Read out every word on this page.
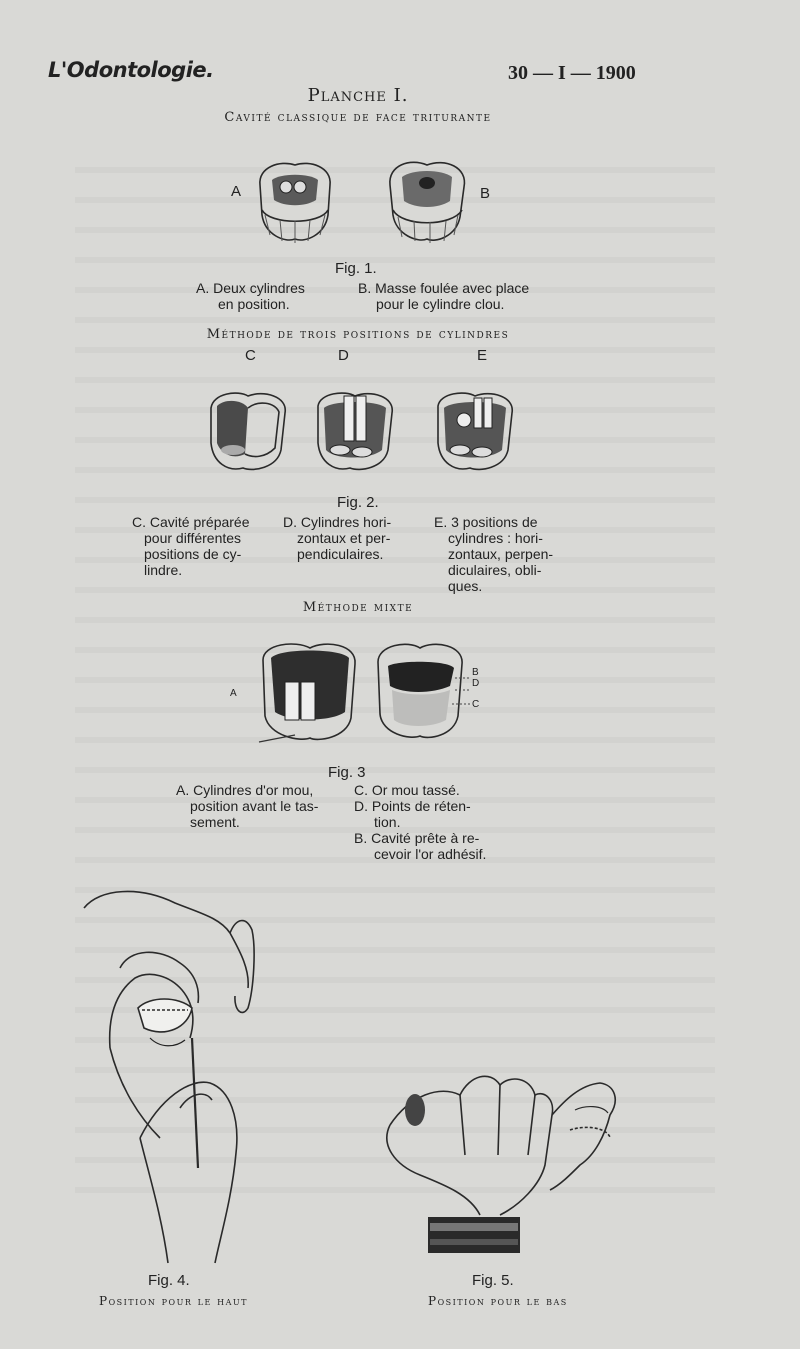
L'Odontologie.	30 — I — 1900
Planche I.
Cavité classique de face triturante
A	B
Fig. 1.
A. Deux cylindres
en position.
B. Masse foulée avec place
pour le cylindre clou.
Méthode de trois positions de cylindres
C	D	E
Fig. 2.
C. Cavité préparée
pour différentes
positions de cy-
lindre.
D. Cylindres hori-
zontaux et per-
pendiculaires.
E. 3 positions de
cylindres : hori-
zontaux, perpen-
diculaires, obli-
ques.
Méthode mixte
A
B
D
C
Fig. 3
A. Cylindres d'or mou,
position avant le tas-
sement.
C. Or mou tassé.
D. Points de réten-
tion.
B. Cavité prête à re-
cevoir l'or adhésif.
Fig. 4.
Position pour le haut
Fig. 5.
Position pour le bas
